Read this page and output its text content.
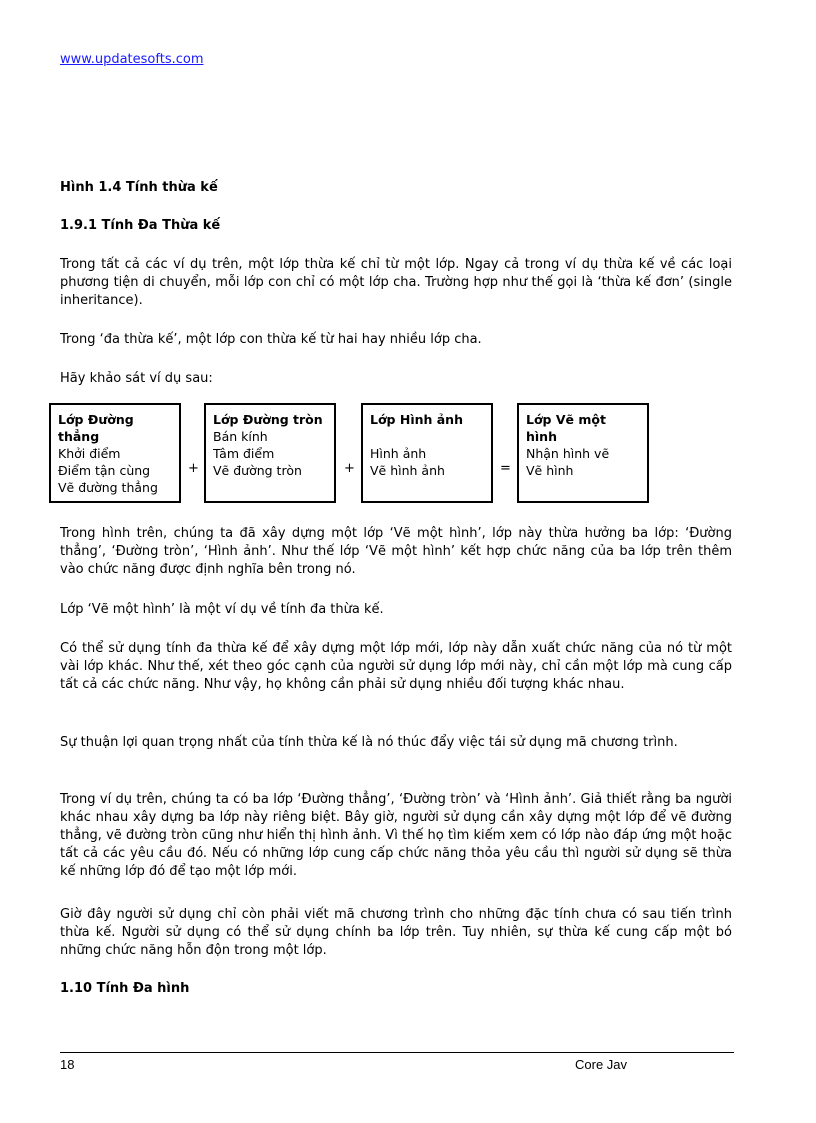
www.updatesofts.com

Hình 1.4 Tính thừa kế

1.9.1 Tính Đa Thừa kế

Trong tất cả các ví dụ trên, một lớp thừa kế chỉ từ một lớp. Ngay cả trong ví dụ thừa kế về các loại phương tiện di chuyển, mỗi lớp con chỉ có một lớp cha. Trường hợp như thế gọi là ‘thừa kế đơn’ (single inheritance).

Trong ‘đa thừa kế’, một lớp con thừa kế từ hai hay nhiều lớp cha.

Hãy khảo sát ví dụ sau:

Lớp Đường thẳng
Khởi điểm
Điểm tận cùng
Vẽ đường thẳng
+
Lớp Đường tròn
Bán kính
Tâm điểm
Vẽ đường tròn	+
Lớp Hình ảnh
Hình ảnh
Vẽ hình ảnh	=
Lớp Vẽ một hình
Nhận hình vẽ
Vẽ hình

Trong hình trên, chúng ta đã xây dựng một lớp ‘Vẽ một hình’, lớp này thừa hưởng ba lớp: ‘Đường thẳng’, ‘Đường tròn’, ‘Hình ảnh’. Như thế lớp ‘Vẽ một hình’ kết hợp chức năng của ba lớp trên thêm vào chức năng được định nghĩa bên trong nó.

Lớp ‘Vẽ một hình’ là một ví dụ về tính đa thừa kế.

Có thể sử dụng tính đa thừa kế để xây dựng một lớp mới, lớp này dẫn xuất chức năng của nó từ một vài lớp khác. Như thế, xét theo góc cạnh của người sử dụng lớp mới này, chỉ cần một lớp mà cung cấp tất cả các chức năng. Như vậy, họ không cần phải sử dụng nhiều đối tượng khác nhau.

Sự thuận lợi quan trọng nhất của tính thừa kế là nó thúc đẩy việc tái sử dụng mã chương trình.

Trong ví dụ trên, chúng ta có ba lớp ‘Đường thẳng’, ‘Đường tròn’ và ‘Hình ảnh’. Giả thiết rằng ba người khác nhau xây dựng ba lớp này riêng biệt. Bây giờ, người sử dụng cần xây dựng một lớp để vẽ đường thẳng, vẽ đường tròn cũng như hiển thị hình ảnh. Vì thế họ tìm kiếm xem có lớp nào đáp ứng một hoặc tất cả các yêu cầu đó. Nếu có những lớp cung cấp chức năng thỏa yêu cầu thì người sử dụng sẽ thừa kế những lớp đó để tạo một lớp mới.

Giờ đây người sử dụng chỉ còn phải viết mã chương trình cho những đặc tính chưa có sau tiến trình thừa kế. Người sử dụng có thể sử dụng chính ba lớp trên. Tuy nhiên, sự thừa kế cung cấp một bó những chức năng hỗn độn trong một lớp.

1.10 Tính Đa hình

18	Core Jav
